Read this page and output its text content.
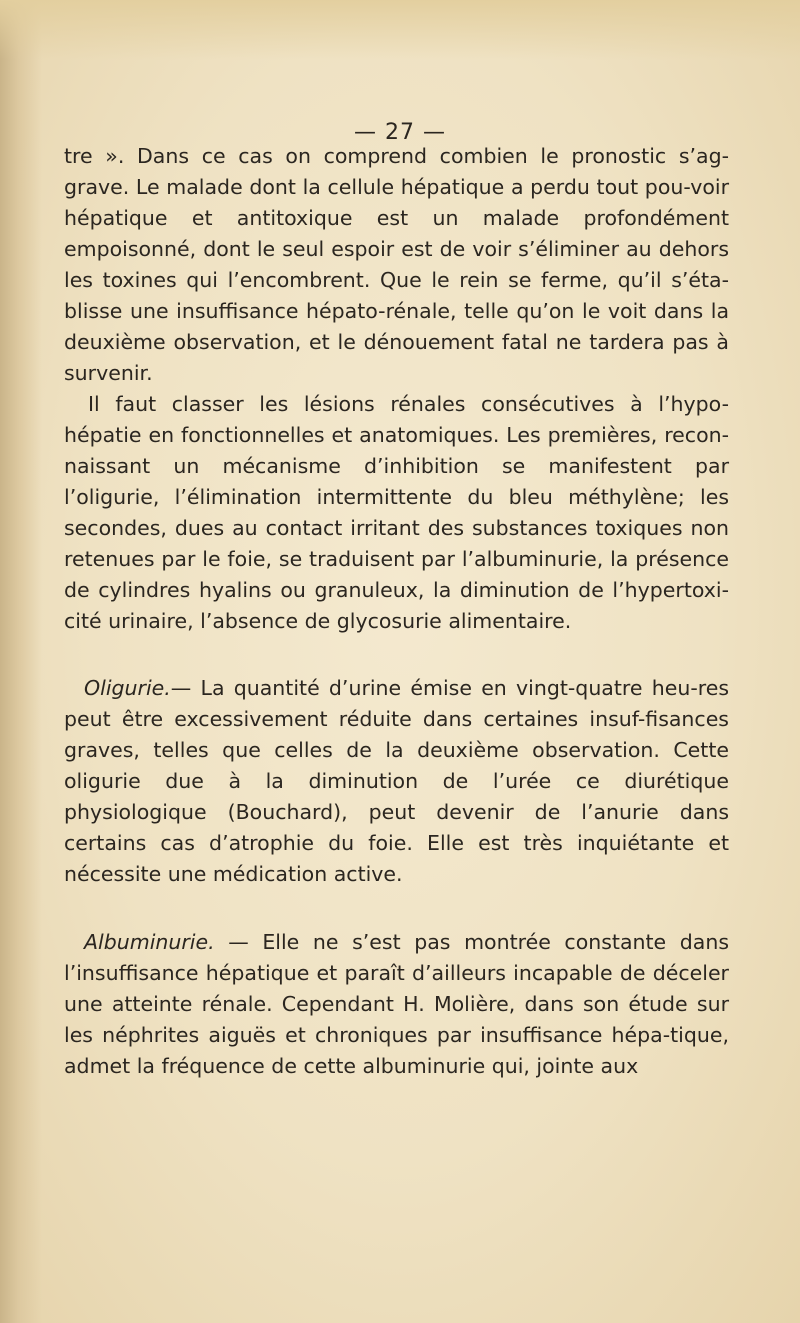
— 27 —

tre ». Dans ce cas on comprend combien le pronostic s’ag-grave. Le malade dont la cellule hépatique a perdu tout pou-voir hépatique et antitoxique est un malade profondément empoisonné, dont le seul espoir est de voir s’éliminer au dehors les toxines qui l’encombrent. Que le rein se ferme, qu’il s’éta-blisse une insuffisance hépato-rénale, telle qu’on le voit dans la deuxième observation, et le dénouement fatal ne tardera pas à survenir.

Il faut classer les lésions rénales consécutives à l’hypo-hépatie en fonctionnelles et anatomiques. Les premières, recon-naissant un mécanisme d’inhibition se manifestent par l’oligurie, l’élimination intermittente du bleu méthylène; les secondes, dues au contact irritant des substances toxiques non retenues par le foie, se traduisent par l’albuminurie, la présence de cylindres hyalins ou granuleux, la diminution de l’hypertoxi-cité urinaire, l’absence de glycosurie alimentaire.

Oligurie.— La quantité d’urine émise en vingt-quatre heu-res peut être excessivement réduite dans certaines insuf-fisances graves, telles que celles de la deuxième observation. Cette oligurie due à la diminution de l’urée ce diurétique physiologique (Bouchard), peut devenir de l’anurie dans certains cas d’atrophie du foie. Elle est très inquiétante et nécessite une médication active.

Albuminurie. — Elle ne s’est pas montrée constante dans l’insuffisance hépatique et paraît d’ailleurs incapable de déceler une atteinte rénale. Cependant H. Molière, dans son étude sur les néphrites aiguës et chroniques par insuffisance hépa-tique, admet la fréquence de cette albuminurie qui, jointe aux
